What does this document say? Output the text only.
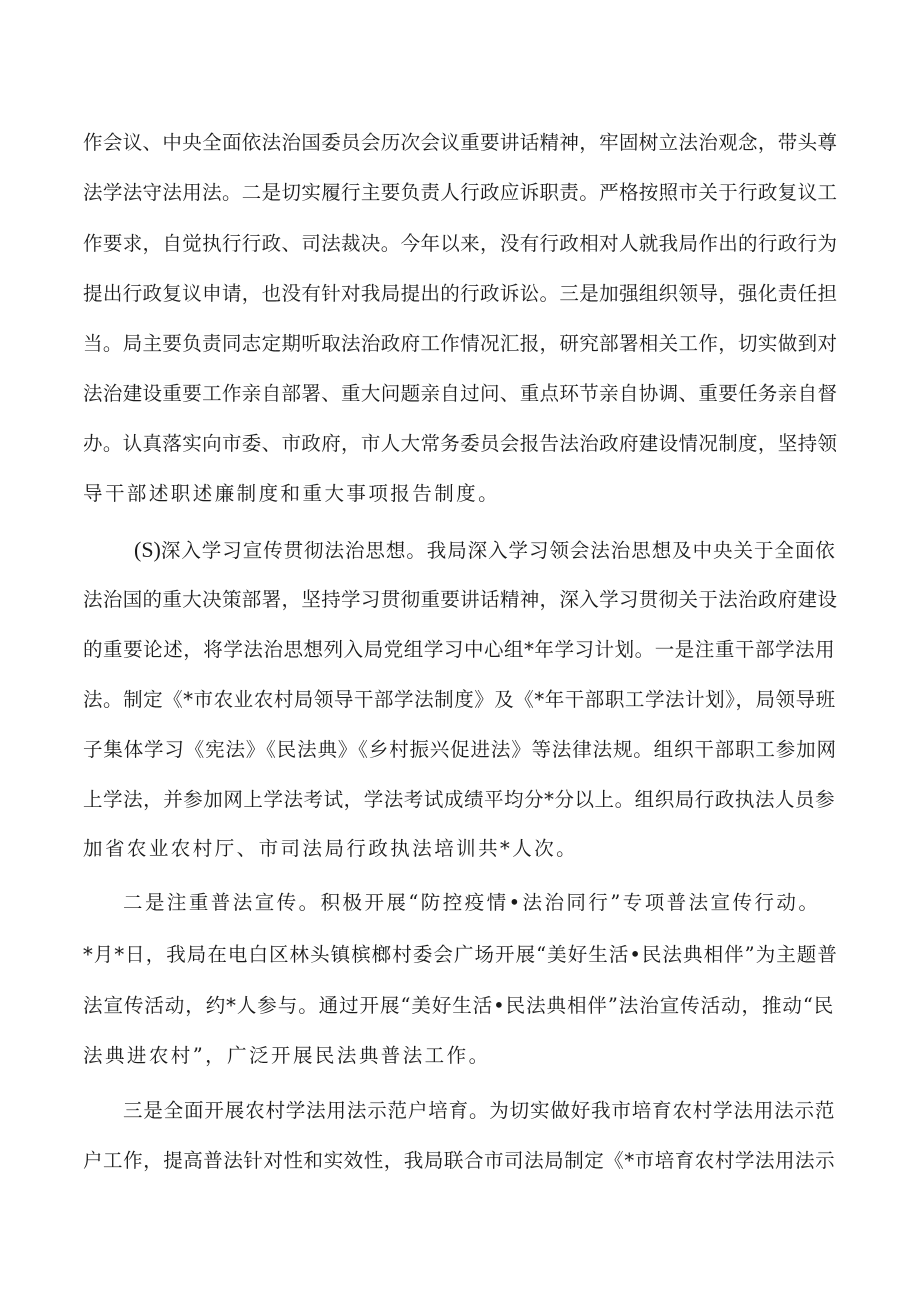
作会议、中央全面依法治国委员会历次会议重要讲话精神，牢固树立法治观念，带头尊
法学法守法用法。二是切实履行主要负责人行政应诉职责。严格按照市关于行政复议工
作要求，自觉执行行政、司法裁决。今年以来，没有行政相对人就我局作出的行政行为
提出行政复议申请，也没有针对我局提出的行政诉讼。三是加强组织领导，强化责任担
当。局主要负责同志定期听取法治政府工作情况汇报，研究部署相关工作，切实做到对
法治建设重要工作亲自部署、重大问题亲自过问、重点环节亲自协调、重要任务亲自督
办。认真落实向市委、市政府，市人大常务委员会报告法治政府建设情况制度，坚持领
导干部述职述廉制度和重大事项报告制度。
(S)深入学习宣传贯彻法治思想。我局深入学习领会法治思想及中央关于全面依
法治国的重大决策部署，坚持学习贯彻重要讲话精神，深入学习贯彻关于法治政府建设
的重要论述，将学法治思想列入局党组学习中心组*年学习计划。一是注重干部学法用
法。制定《*市农业农村局领导干部学法制度》及《*年干部职工学法计划》，局领导班
子集体学习《宪法》《民法典》《乡村振兴促进法》等法律法规。组织干部职工参加网
上学法，并参加网上学法考试，学法考试成绩平均分*分以上。组织局行政执法人员参
加省农业农村厅、市司法局行政执法培训共*人次。
二是注重普法宣传。积极开展“防控疫情•法治同行”专项普法宣传行动。
*月*日，我局在电白区林头镇槟榔村委会广场开展“美好生活•民法典相伴”为主题普
法宣传活动，约*人参与。通过开展“美好生活•民法典相伴”法治宣传活动，推动“民
法典进农村”，广泛开展民法典普法工作。
三是全面开展农村学法用法示范户培育。为切实做好我市培育农村学法用法示范
户工作，提高普法针对性和实效性，我局联合市司法局制定《*市培育农村学法用法示
